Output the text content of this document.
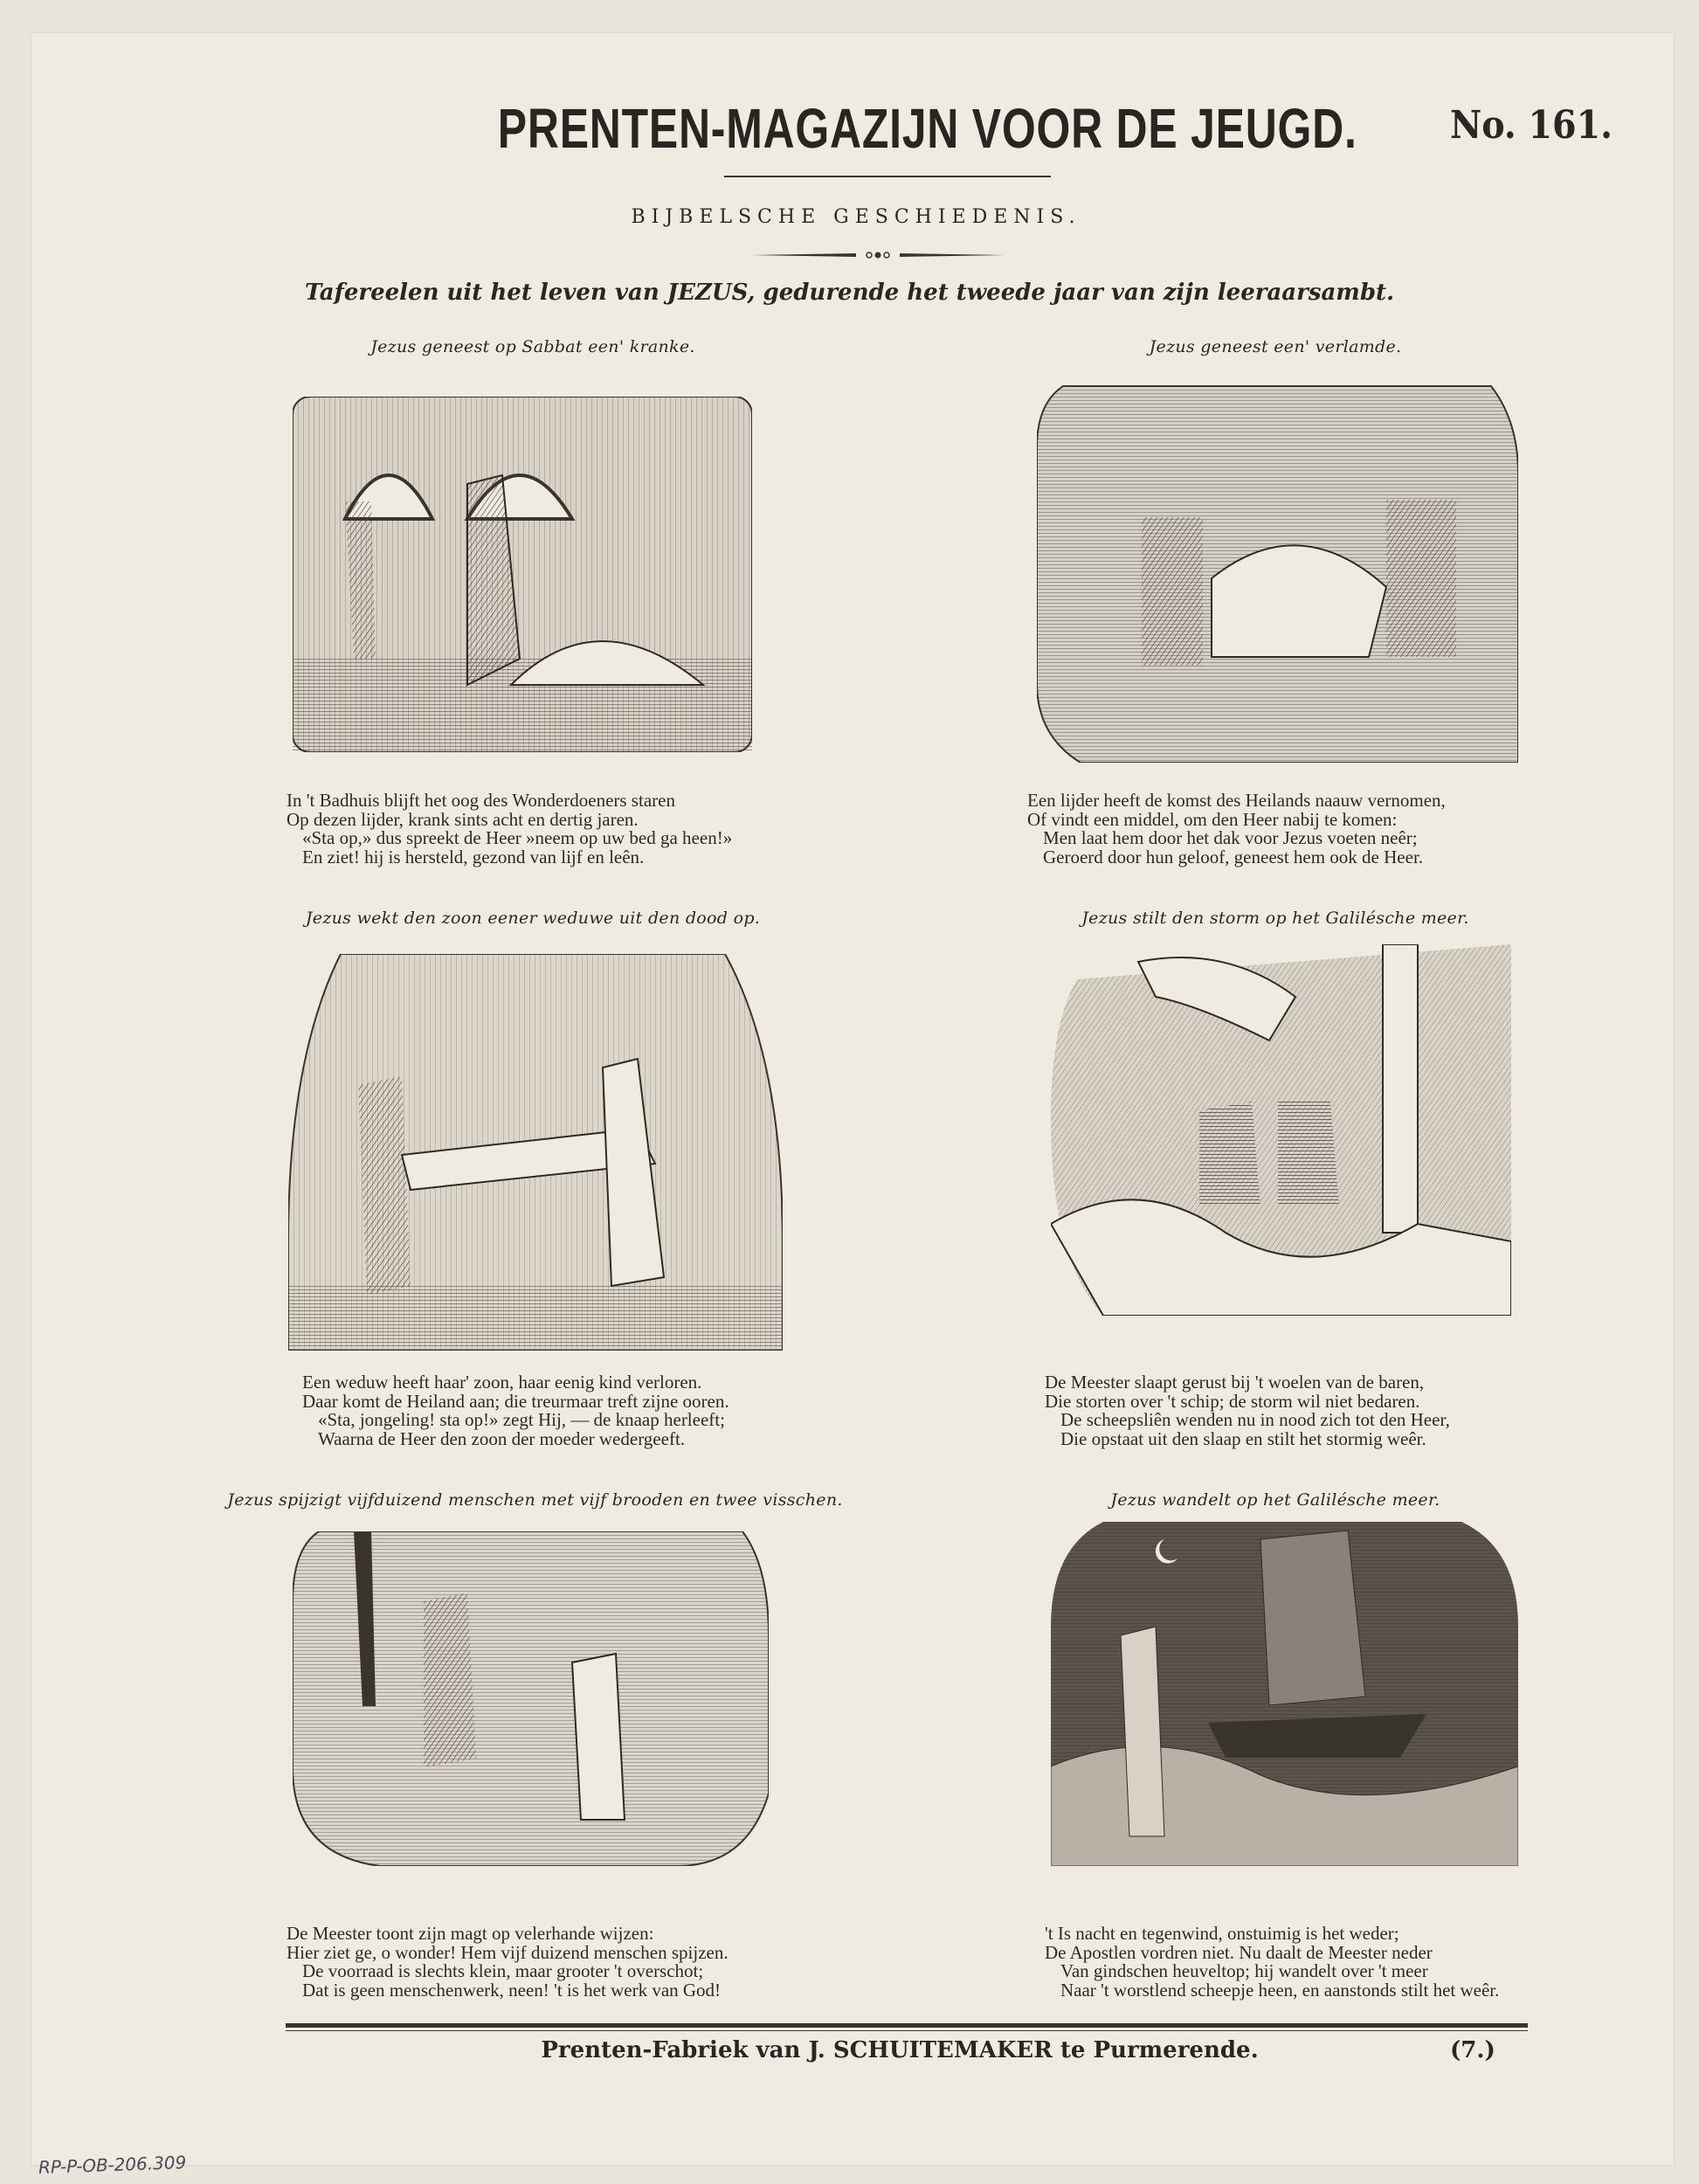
PRENTEN-MAGAZIJN VOOR DE JEUGD. No. 161.
BIJBELSCHE GESCHIEDENIS.
Tafereelen uit het leven van JEZUS, gedurende het tweede jaar van zijn leeraarsambt.
Jezus geneest op Sabbat een' kranke.
In 't Badhuis blijft het oog des Wonderdoeners staren
Op dezen lijder, krank sints acht en dertig jaren.
«Sta op,» dus spreekt de Heer »neem op uw bed ga heen!»
En ziet! hij is hersteld, gezond van lijf en leên.
Jezus geneest een' verlamde.
Een lijder heeft de komst des Heilands naauw vernomen,
Of vindt een middel, om den Heer nabij te komen:
Men laat hem door het dak voor Jezus voeten neêr;
Geroerd door hun geloof, geneest hem ook de Heer.
Jezus wekt den zoon eener weduwe uit den dood op.
Een weduw heeft haar' zoon, haar eenig kind verloren.
Daar komt de Heiland aan; die treurmaar treft zijne ooren.
«Sta, jongeling! sta op!» zegt Hij, — de knaap herleeft;
Waarna de Heer den zoon der moeder wedergeeft.
Jezus stilt den storm op het Galilésche meer.
De Meester slaapt gerust bij 't woelen van de baren,
Die storten over 't schip; de storm wil niet bedaren.
De scheepsliên wenden nu in nood zich tot den Heer,
Die opstaat uit den slaap en stilt het stormig weêr.
Jezus spijzigt vijfduizend menschen met vijf brooden en twee visschen.
De Meester toont zijn magt op velerhande wijzen:
Hier ziet ge, o wonder! Hem vijf duizend menschen spijzen.
De voorraad is slechts klein, maar grooter 't overschot;
Dat is geen menschenwerk, neen! 't is het werk van God!
Jezus wandelt op het Galilésche meer.
't Is nacht en tegenwind, onstuimig is het weder;
De Apostlen vordren niet. Nu daalt de Meester neder
Van gindschen heuveltop; hij wandelt over 't meer
Naar 't worstlend scheepje heen, en aanstonds stilt het weêr.
Prenten-Fabriek van J. SCHUITEMAKER te Purmerende.	(7.)
RP-P-OB-206.309
